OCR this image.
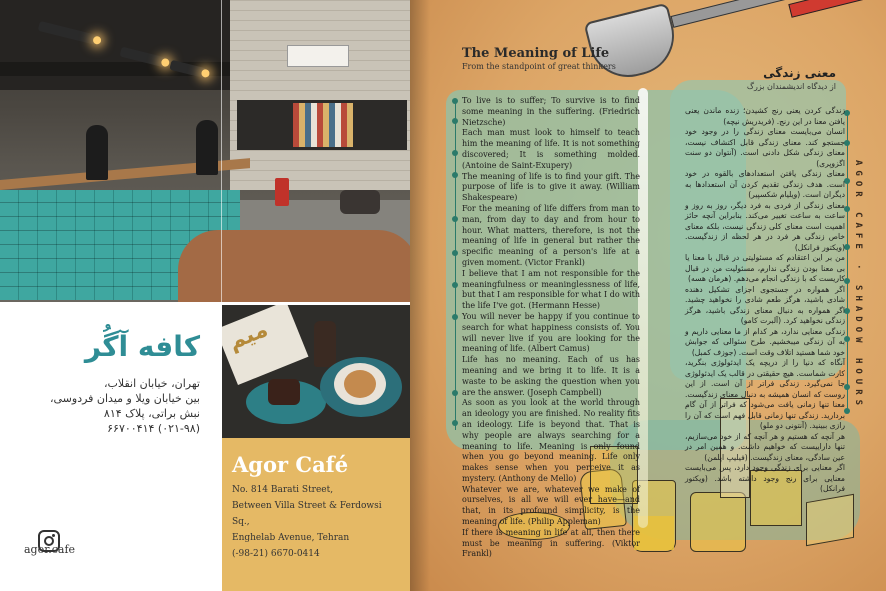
کافه آگُر
تهران، خیابان انقلاب،
بین خیابان ویلا و میدان فردوسی،
نبش براتی، پلاک ۸۱۴
(۰۲۱-۹۸) ۶۶۷۰۰۴۱۴
agor.cafe
ميم
Agor Café
No. 814 Barati Street,
Between Villa Street & Ferdowsi Sq.,
Enghelab Avenue, Tehran
(-98-21) 6670-0414
The Meaning of Life
From the standpoint of great thinkers	معنی زندگی
از دیدگاه اندیشمندان بزرگ

To live is to suffer; To survive is to find some meaning in the suffering. (Friedrich Nietzsche)

Each man must look to himself to teach him the meaning of life. It is not something discovered; It is something molded. (Antoine de Saint-Exupery)

The meaning of life is to find your gift. The purpose of life is to give it away. (William Shakespeare)

For the meaning of life differs from man to man, from day to day and from hour to hour. What matters, therefore, is not the meaning of life in general but rather the specific meaning of a person's life at a given moment. (Victor Frankl)

I believe that I am not responsible for the meaningfulness or meaninglessness of life, but that I am responsible for what I do with the life I've got. (Hermann Hesse)

You will never be happy if you continue to search for what happiness consists of. You will never live if you are looking for the meaning of life. (Albert Camus)

Life has no meaning. Each of us has meaning and we bring it to life. It is a waste to be asking the question when you are the answer. (Joseph Campbell)

As soon as you look at the world through an ideology you are finished. No reality fits an ideology. Life is beyond that. That is why people are always searching for a meaning to life. Meaning is only found when you go beyond meaning. Life only makes sense when you perceive it as mystery. (Anthony de Mello)

Whatever we are, whatever we make of ourselves, is all we will ever have—and that, in its profound simplicity, is the meaning of life. (Philip Appleman)

If there is meaning in life at all, then there must be meaning in suffering. (Viktor Frankl)

زندگی کردن یعنی رنج کشیدن؛ زنده ماندن یعنی یافتن معنا در این رنج. (فریدریش نیچه)

انسان می‌بایست معنای زندگی را در وجود خود جستجو کند. معنای زندگی قابل اکتشاف نیست، معنای زندگی شکل دادنی است. (آنتوان دو سنت اگزوپری)

معنای زندگی یافتن استعدادهای بالقوه در خود است. هدف زندگی تقدیم کردن آن استعدادها به دیگران است. (ویلیام شکسپیر)

معنای زندگی از فردی به فرد دیگر، روز به روز و ساعت به ساعت تغییر می‌کند. بنابراین آنچه حائز اهمیت است معنای کلی زندگی نیست، بلکه معنای خاص زندگی هر فرد در هر لحظه از زندگیست. (ویکتور فرانکل)

من بر این اعتقادم که مسئولیتی در قبال با معنا یا بی معنا بودن زندگی ندارم، مسئولیت من در قبال کاریست که با زندگی انجام می‌دهم. (هرمان هسه)

اگر همواره در جستجوی اجزای تشکیل دهنده شادی باشید، هرگز طعم شادی را نخواهید چشید. اگر همواره به دنبال معنای زندگی باشید، هرگز زندگی نخواهید کرد. (آلبرت کامو)

زندگی معنایی ندارد، هر کدام از ما معنایی داریم و به آن زندگی میبخشیم. طرح سئوالی که جوابش خود شما هستید اتلاف وقت است. (جوزف کمبل)

آنگاه که دنیا را از دریچه یک ایدئولوژی بنگرید، کارت شماست. هیچ حقیقتی در قالب یک ایدئولوژی جا نمی‌گیرد. زندگی فراتر از آن است. از این روست که انسان همیشه به دنبال معنای زندگیست. معنا تنها زمانی یافت می‌شود که فراتر از آن گام بردارید. زندگی تنها زمانی قابل فهم است که آن را رازی ببینید. (آنتونی دو ملو)

هر آنچه که هستیم و هر آنچه که از خود می‌سازیم، تنها داراییست که خواهیم داشت. و همین امر در عین سادگی، معنای زندگیست. (فیلیپ اپلمن)

اگر معنایی برای زندگی وجود دارد، پس می‌بایست معنایی برای رنج وجود داشته باشد. (ویکتور فرانکل)

AGOR CAFE · SHADOW HOURS
